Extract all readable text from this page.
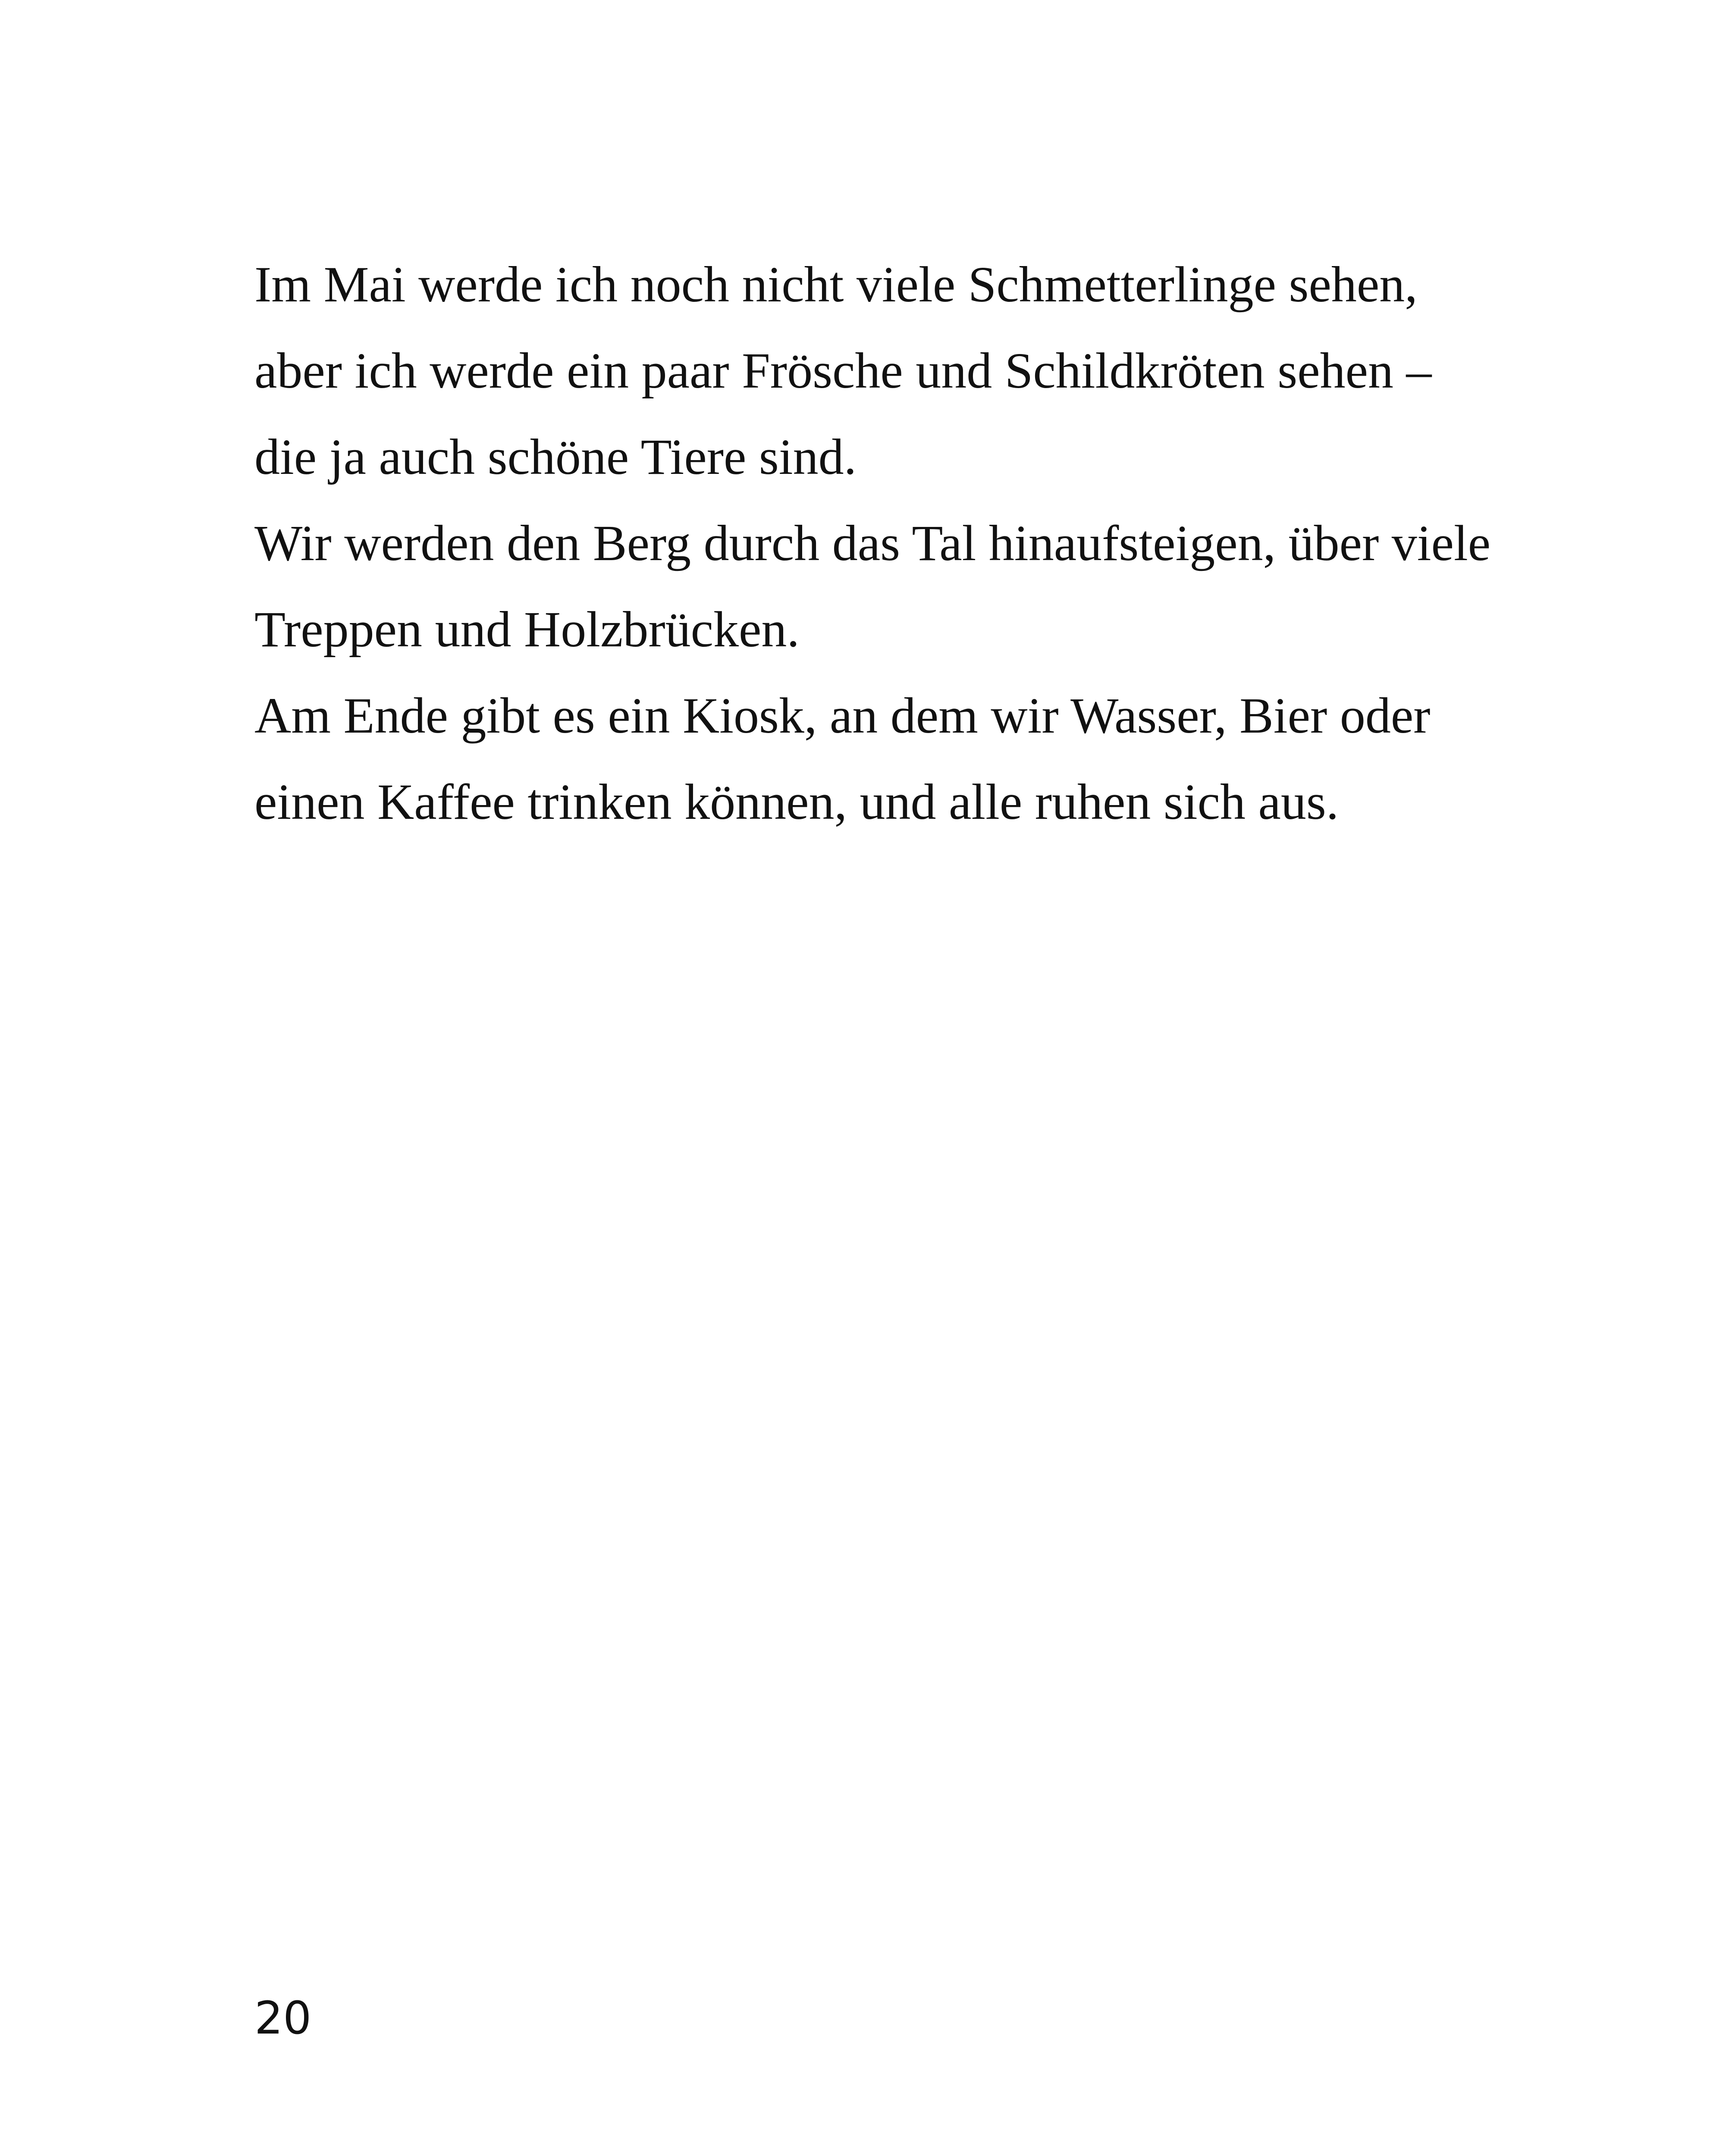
Im Mai werde ich noch nicht viele Schmetterlinge sehen,
aber ich werde ein paar Frösche und Schildkröten sehen –
die ja auch schöne Tiere sind.
Wir werden den Berg durch das Tal hinaufsteigen, über viele
Treppen und Holzbrücken.
Am Ende gibt es ein Kiosk, an dem wir Wasser, Bier oder
einen Kaffee trinken können, und alle ruhen sich aus.
20
